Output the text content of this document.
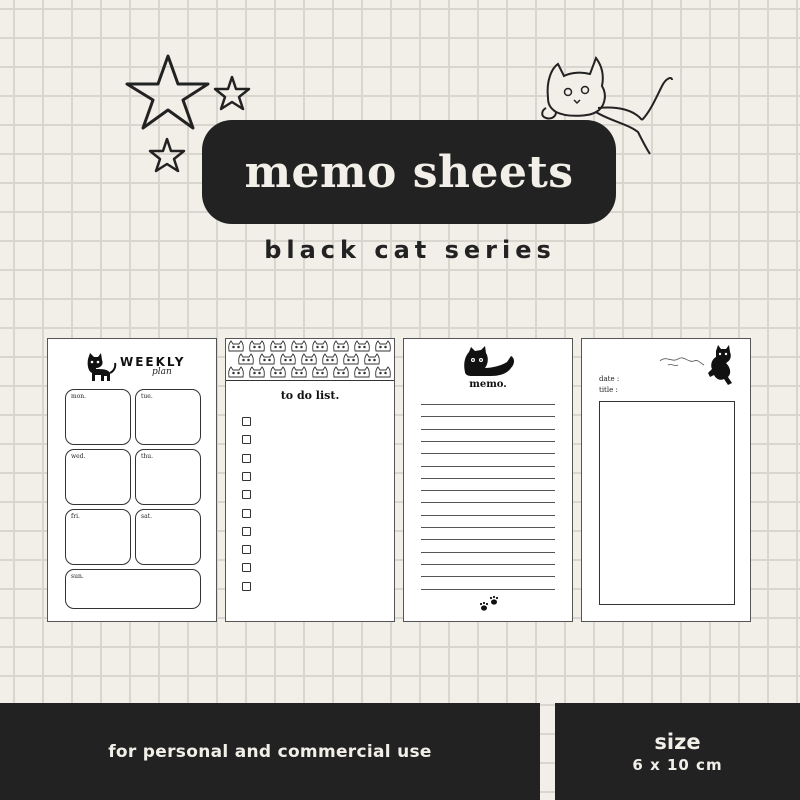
memo sheets
black cat series
WEEKLY
plan
mon.	tue.
wed.	thu.
fri.	sat.
sun.
to do list.
memo.	date :
title :
for personal and commercial use	size
6 x 10 cm
